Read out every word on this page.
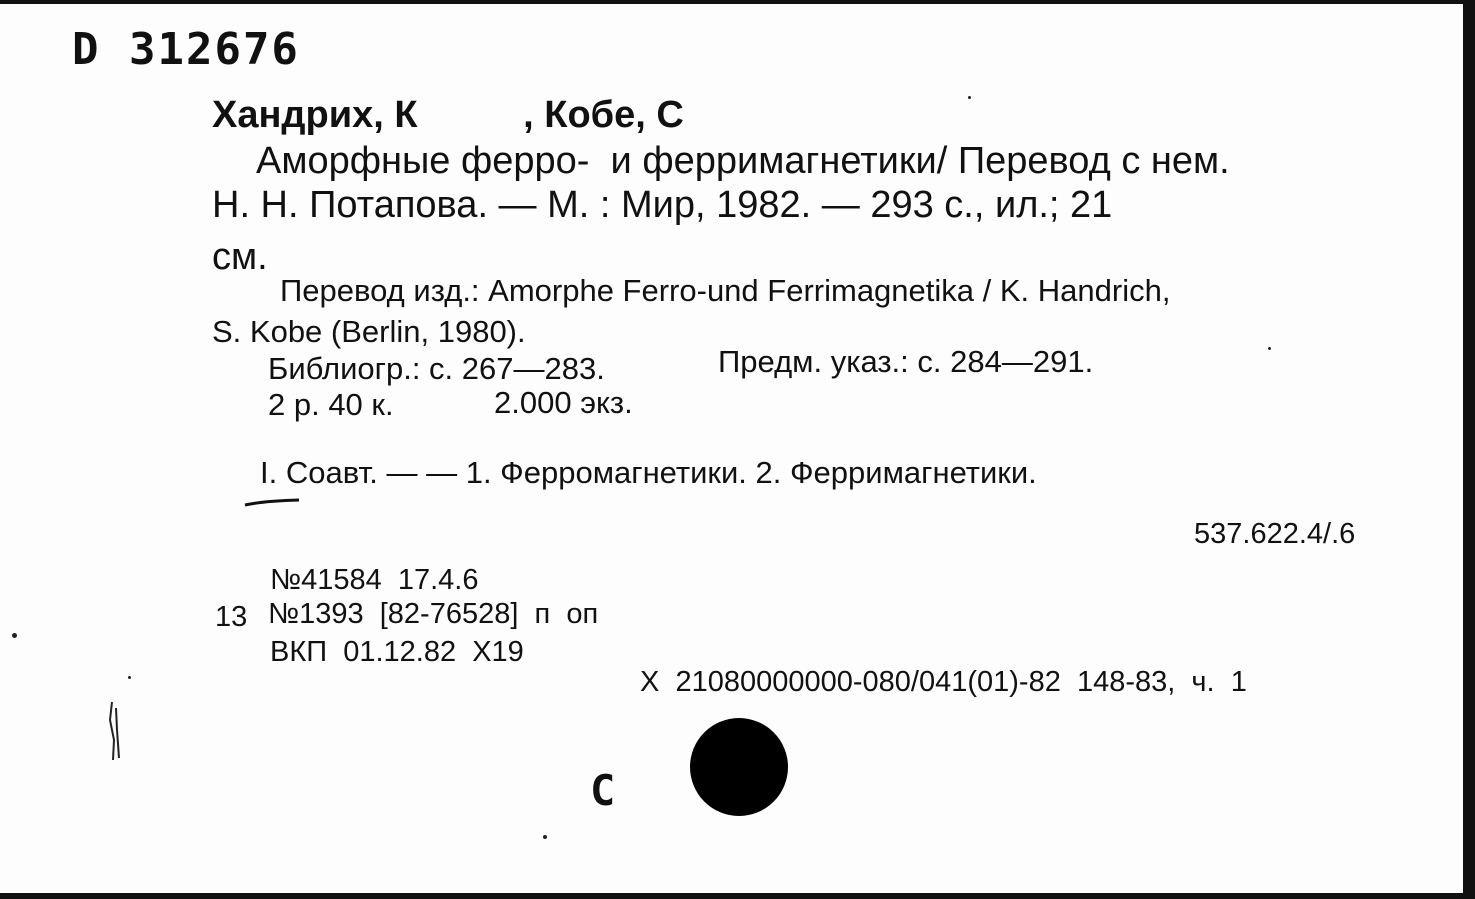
D 312676
Хандрих, К          , Кобе, С
Аморфные ферро-  и ферримагнетики/ Перевод с нем.
Н. Н. Потапова. — М. : Мир, 1982. — 293 с., ил.; 21
см.
Перевод изд.: Amorphe Ferro-und Ferrimagnetika / K. Handrich,
S. Kobe (Berlin, 1980).
Библиогр.: с. 267—283.	Предм. указ.: с. 284—291.
2 р. 40 к.	2.000 экз.
I. Соавт. — — 1. Ферромагнетики. 2. Ферримагнетики.
537.622.4/.6
№41584  17.4.6
13 №1393  [82-76528]  п  оп
ВКП  01.12.82  Х19
Х  21080000000-080/041(01)-82  148-83,  ч.  1
С
